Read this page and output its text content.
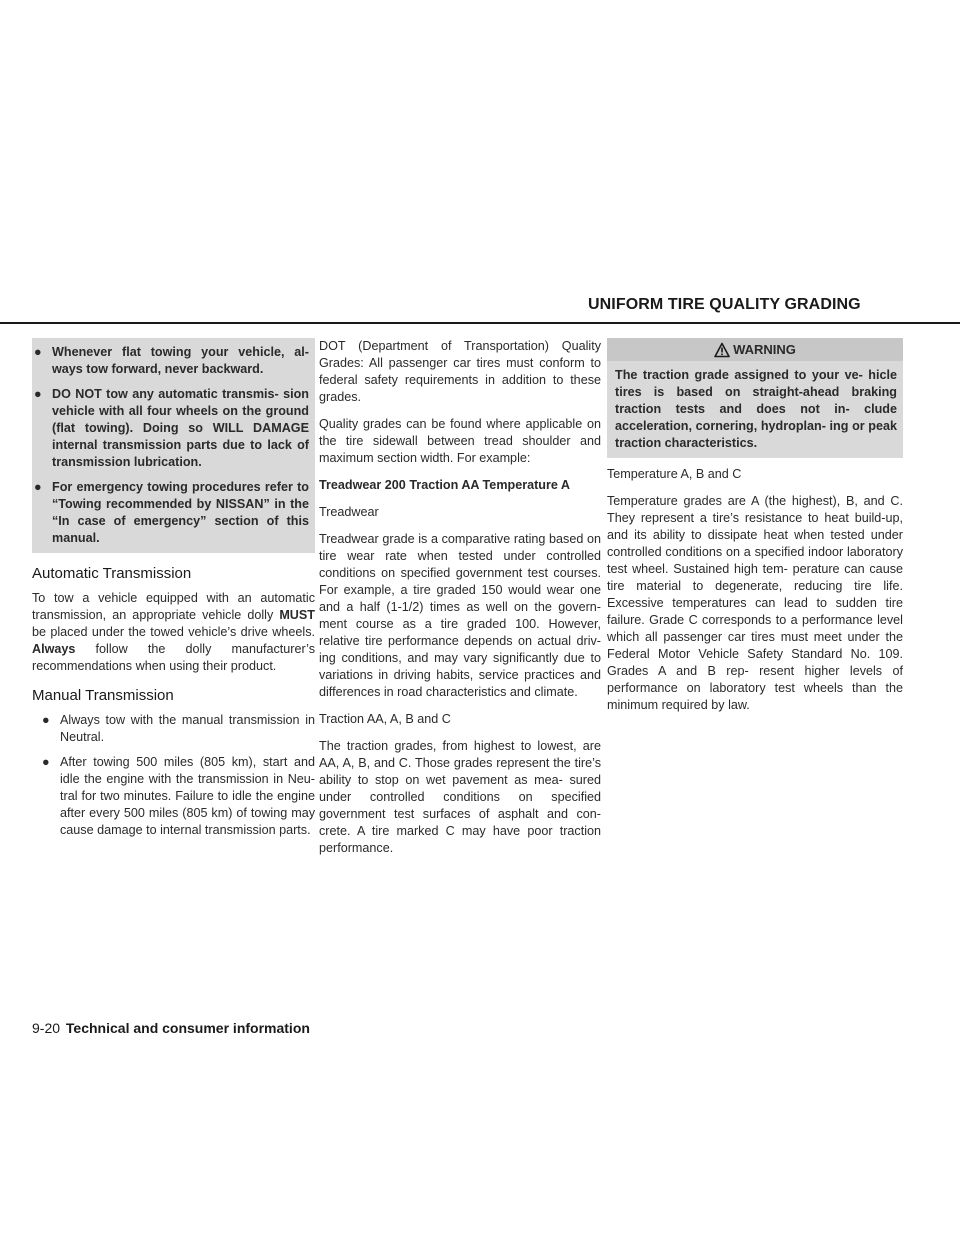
UNIFORM TIRE QUALITY GRADING
● Whenever flat towing your vehicle, al- ways tow forward, never backward.
● DO NOT tow any automatic transmis- sion vehicle with all four wheels on the ground (flat towing). Doing so WILL DAMAGE internal transmission parts due to lack of transmission lubrication.
● For emergency towing procedures refer to “Towing recommended by NISSAN” in the “In case of emergency” section of this manual.
Automatic Transmission

To tow a vehicle equipped with an automatic transmission, an appropriate vehicle dolly MUST be placed under the towed vehicle’s drive wheels. Always follow the dolly manufacturer’s recommendations when using their product.

Manual Transmission
● Always tow with the manual transmission in Neutral.
● After towing 500 miles (805 km), start and idle the engine with the transmission in Neu- tral for two minutes. Failure to idle the engine after every 500 miles (805 km) of towing may cause damage to internal transmission parts.

DOT (Department of Transportation) Quality Grades: All passenger car tires must conform to federal safety requirements in addition to these grades.

Quality grades can be found where applicable on the tire sidewall between tread shoulder and maximum section width. For example:

Treadwear 200 Traction AA Temperature A

Treadwear

Treadwear grade is a comparative rating based on tire wear rate when tested under controlled conditions on specified government test courses. For example, a tire graded 150 would wear one and a half (1-1/2) times as well on the govern- ment course as a tire graded 100. However, relative tire performance depends on actual driv- ing conditions, and may vary significantly due to variations in driving habits, service practices and differences in road characteristics and climate.

Traction AA, A, B and C

The traction grades, from highest to lowest, are AA, A, B, and C. Those grades represent the tire’s ability to stop on wet pavement as mea- sured under controlled conditions on specified government test surfaces of asphalt and con- crete. A tire marked C may have poor traction performance.

WARNING
The traction grade assigned to your ve- hicle tires is based on straight-ahead braking traction tests and does not in- clude acceleration, cornering, hydroplan- ing or peak traction characteristics.

Temperature A, B and C

Temperature grades are A (the highest), B, and C. They represent a tire’s resistance to heat build-up, and its ability to dissipate heat when tested under controlled conditions on a specified indoor laboratory test wheel. Sustained high tem- perature can cause tire material to degenerate, reducing tire life. Excessive temperatures can lead to sudden tire failure. Grade C corresponds to a performance level which all passenger car tires must meet under the Federal Motor Vehicle Safety Standard No. 109. Grades A and B rep- resent higher levels of performance on laboratory test wheels than the minimum required by law.

9-20 Technical and consumer information
